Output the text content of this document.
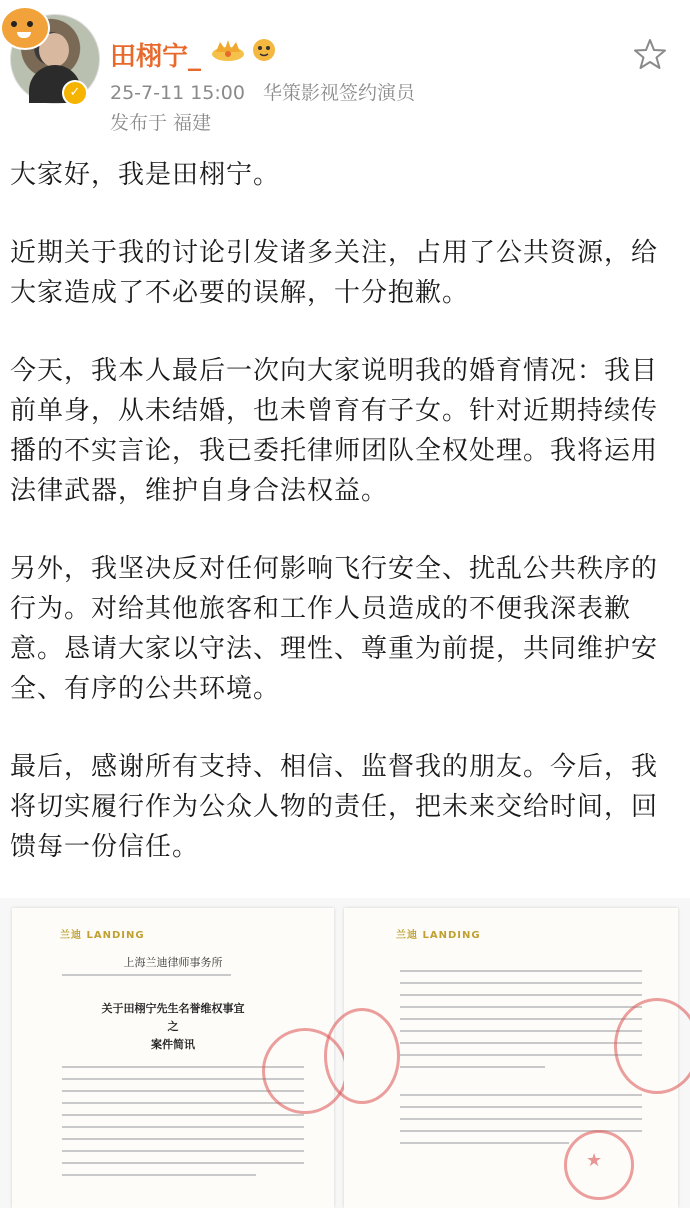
✓
田栩宁_
25-7-11 15:00 华策影视签约演员
发布于 福建

大家好，我是田栩宁。

近期关于我的讨论引发诸多关注，占用了公共资源，给大家造成了不必要的误解，十分抱歉。

今天，我本人最后一次向大家说明我的婚育情况：我目前单身，从未结婚，也未曾育有子女。针对近期持续传播的不实言论，我已委托律师团队全权处理。我将运用法律武器，维护自身合法权益。

另外，我坚决反对任何影响飞行安全、扰乱公共秩序的行为。对给其他旅客和工作人员造成的不便我深表歉意。恳请大家以守法、理性、尊重为前提，共同维护安全、有序的公共环境。

最后，感谢所有支持、相信、监督我的朋友。今后，我将切实履行作为公众人物的责任，把未来交给时间，回馈每一份信任。

兰迪 LANDING
上海兰迪律师事务所
关于田栩宁先生名誉维权事宜
之
案件简讯
兰迪 LANDING
★
